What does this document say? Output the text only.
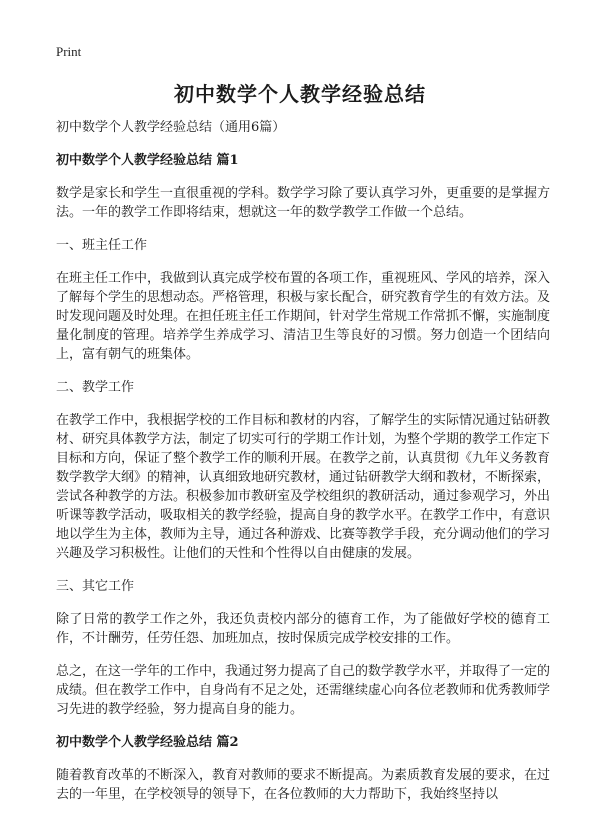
Print
初中数学个人教学经验总结

初中数学个人教学经验总结（通用6篇）

初中数学个人教学经验总结 篇1

数学是家长和学生一直很重视的学科。数学学习除了要认真学习外，更重要的是掌握方法。一年的教学工作即将结束，想就这一年的数学教学工作做一个总结。

一、班主任工作

在班主任工作中，我做到认真完成学校布置的各项工作，重视班风、学风的培养，深入了解每个学生的思想动态。严格管理，积极与家长配合，研究教育学生的有效方法。及时发现问题及时处理。在担任班主任工作期间，针对学生常规工作常抓不懈，实施制度量化制度的管理。培养学生养成学习、清洁卫生等良好的习惯。努力创造一个团结向上，富有朝气的班集体。

二、教学工作

在教学工作中，我根据学校的工作目标和教材的内容，了解学生的实际情况通过钻研教材、研究具体教学方法，制定了切实可行的学期工作计划，为整个学期的教学工作定下目标和方向，保证了整个教学工作的顺利开展。在教学之前，认真贯彻《九年义务教育数学教学大纲》的精神，认真细致地研究教材，通过钻研教学大纲和教材，不断探索，尝试各种教学的方法。积极参加市教研室及学校组织的教研活动，通过参观学习，外出听课等教学活动，吸取相关的教学经验，提高自身的教学水平。在教学工作中，有意识地以学生为主体，教师为主导，通过各种游戏、比赛等教学手段，充分调动他们的学习兴趣及学习积极性。让他们的天性和个性得以自由健康的发展。

三、其它工作

除了日常的教学工作之外，我还负责校内部分的德育工作，为了能做好学校的德育工作，不计酬劳，任劳任怨、加班加点，按时保质完成学校安排的工作。

总之，在这一学年的工作中，我通过努力提高了自己的数学教学水平，并取得了一定的成绩。但在教学工作中，自身尚有不足之处，还需继续虚心向各位老教师和优秀教师学习先进的教学经验，努力提高自身的能力。

初中数学个人教学经验总结 篇2

随着教育改革的不断深入，教育对教师的要求不断提高。为素质教育发展的要求，在过去的一年里，在学校领导的领导下，在各位教师的大力帮助下，我始终坚持以
